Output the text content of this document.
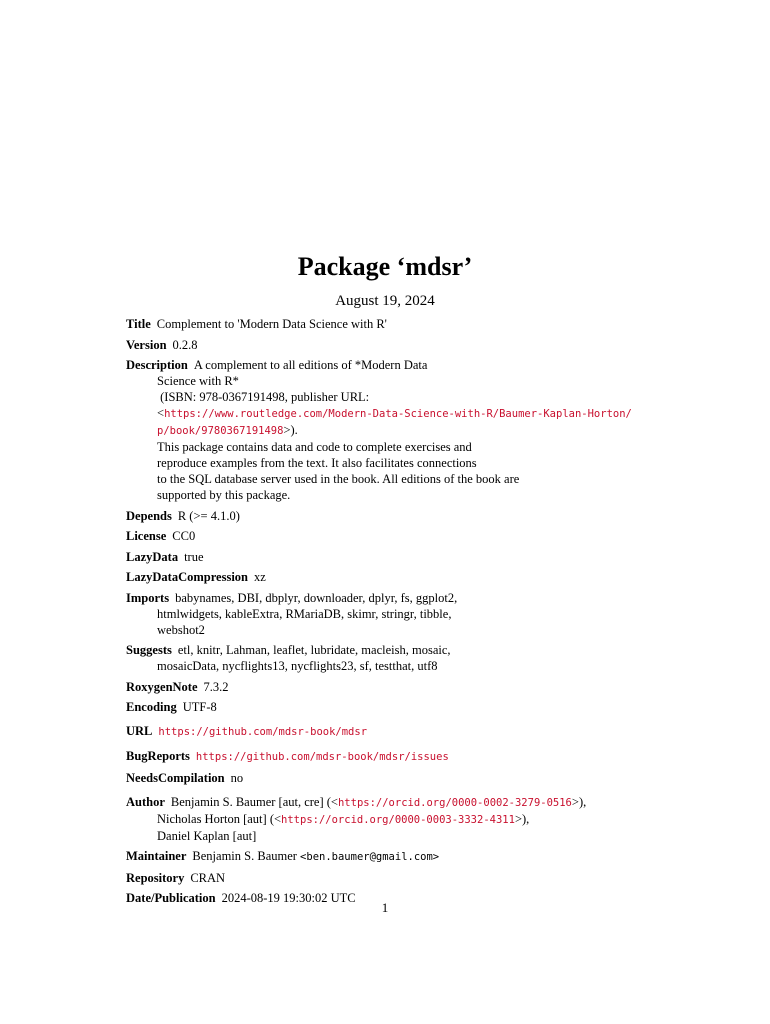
Package ‘mdsr’
August 19, 2024
Title Complement to 'Modern Data Science with R'
Version 0.2.8
Description A complement to all editions of *Modern Data
Science with R*
(ISBN: 978-0367191498, publisher URL:
<https://www.routledge.com/Modern-Data-Science-with-R/Baumer-Kaplan-Horton/
p/book/9780367191498>).
This package contains data and code to complete exercises and
reproduce examples from the text. It also facilitates connections
to the SQL database server used in the book. All editions of the book are
supported by this package.
Depends R (>= 4.1.0)
License CC0
LazyData true
LazyDataCompression xz
Imports babynames, DBI, dbplyr, downloader, dplyr, fs, ggplot2,
htmlwidgets, kableExtra, RMariaDB, skimr, stringr, tibble,
webshot2
Suggests etl, knitr, Lahman, leaflet, lubridate, macleish, mosaic,
mosaicData, nycflights13, nycflights23, sf, testthat, utf8
RoxygenNote 7.3.2
Encoding UTF-8
URL https://github.com/mdsr-book/mdsr
BugReports https://github.com/mdsr-book/mdsr/issues
NeedsCompilation no
Author Benjamin S. Baumer [aut, cre] (<https://orcid.org/0000-0002-3279-0516>),
Nicholas Horton [aut] (<https://orcid.org/0000-0003-3332-4311>),
Daniel Kaplan [aut]
Maintainer Benjamin S. Baumer <ben.baumer@gmail.com>
Repository CRAN
Date/Publication 2024-08-19 19:30:02 UTC
1
